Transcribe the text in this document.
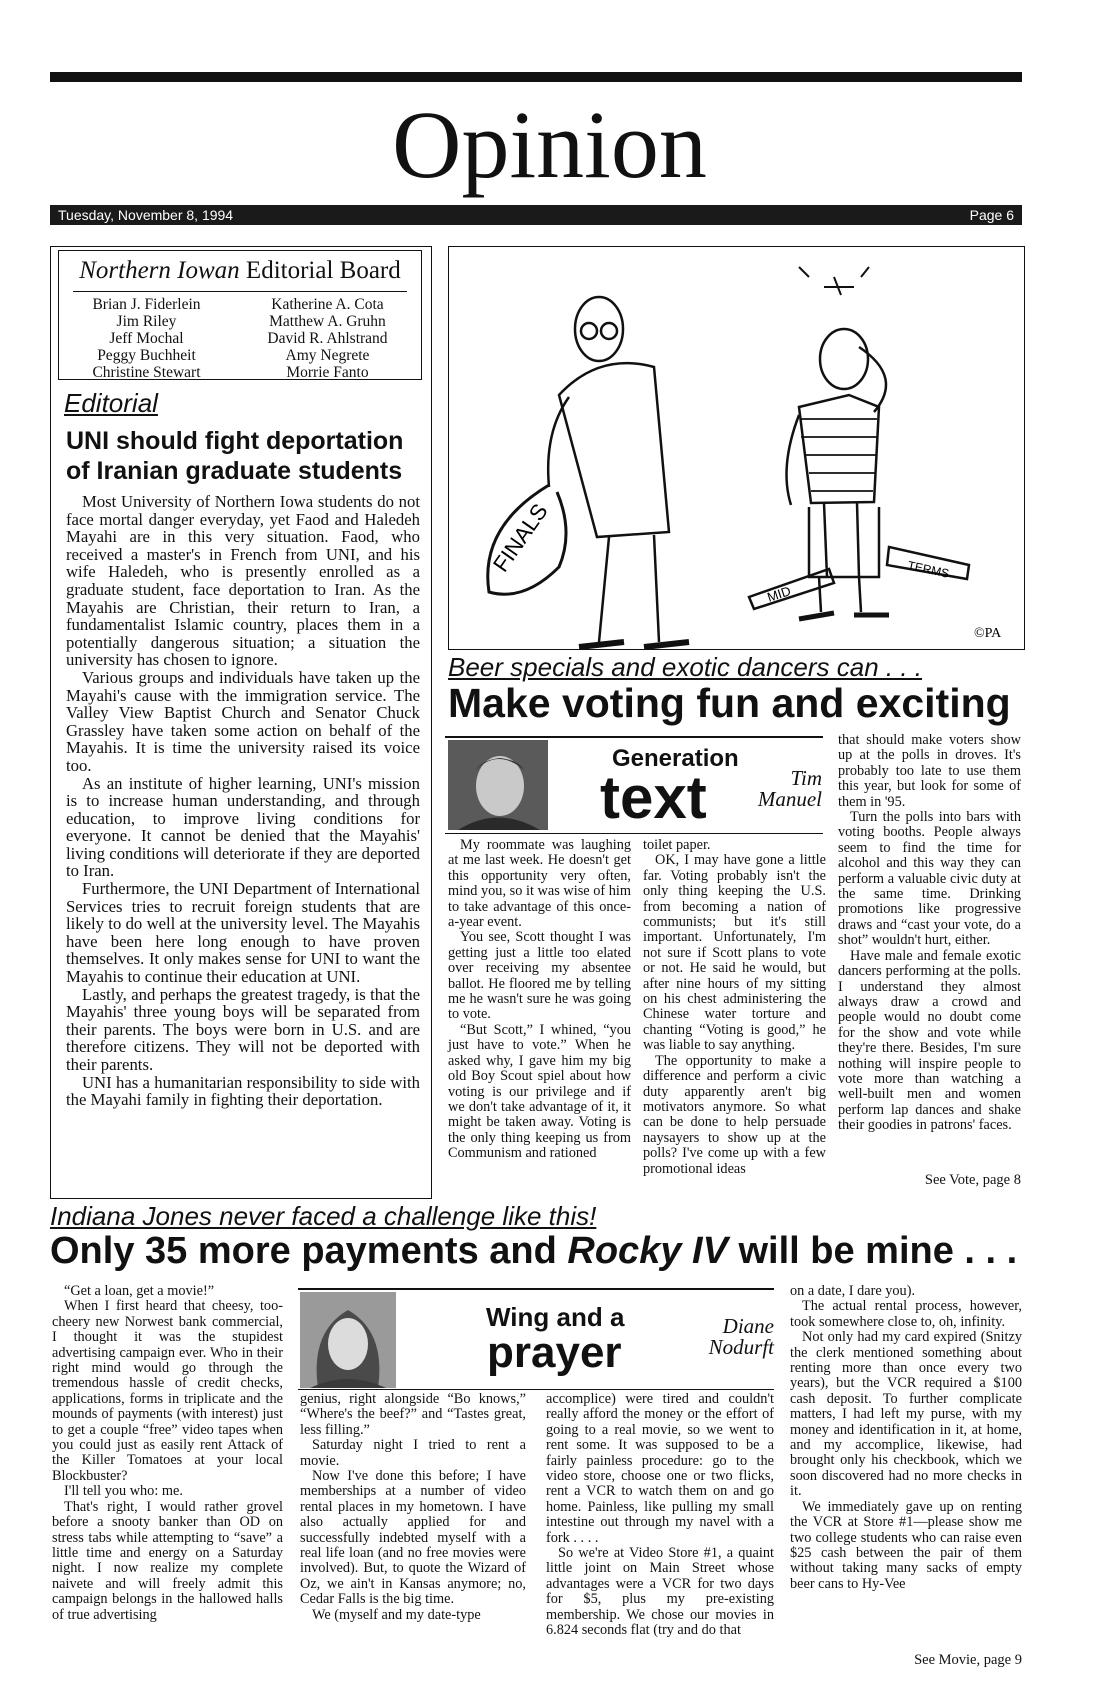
Opinion
Tuesday, November 8, 1994	Page 6
Northern Iowan Editorial Board
Brian J. Fiderlein
Jim Riley
Jeff Mochal
Peggy Buchheit
Christine Stewart
Katherine A. Cota
Matthew A. Gruhn
David R. Ahlstrand
Amy Negrete
Morrie Fanto
Editorial
UNI should fight deportation of Iranian graduate students

Most University of Northern Iowa students do not face mortal danger everyday, yet Faod and Haledeh Mayahi are in this very situation. Faod, who received a master's in French from UNI, and his wife Haledeh, who is presently enrolled as a graduate student, face deportation to Iran. As the Mayahis are Christian, their return to Iran, a fundamentalist Islamic country, places them in a potentially dangerous situation; a situation the university has chosen to ignore.

Various groups and individuals have taken up the Mayahi's cause with the immigration service. The Valley View Baptist Church and Senator Chuck Grassley have taken some action on behalf of the Mayahis. It is time the university raised its voice too.

As an institute of higher learning, UNI's mission is to increase human understanding, and through education, to improve living conditions for everyone. It cannot be denied that the Mayahis' living conditions will deteriorate if they are deported to Iran.

Furthermore, the UNI Department of International Services tries to recruit foreign students that are likely to do well at the university level. The Mayahis have been here long enough to have proven themselves. It only makes sense for UNI to want the Mayahis to continue their education at UNI.

Lastly, and perhaps the greatest tragedy, is that the Mayahis' three young boys will be separated from their parents. The boys were born in U.S. and are therefore citizens. They will not be deported with their parents.

UNI has a humanitarian responsibility to side with the Mayahi family in fighting their deportation.

FINALS
MID
TERMS
©PA
Beer specials and exotic dancers can . . .
Make voting fun and exciting
Generation
text	Tim
Manuel

My roommate was laughing at me last week. He doesn't get this opportunity very often, mind you, so it was wise of him to take advantage of this once-a-year event.

You see, Scott thought I was getting just a little too elated over receiving my absentee ballot. He floored me by telling me he wasn't sure he was going to vote.

“But Scott,” I whined, “you just have to vote.” When he asked why, I gave him my big old Boy Scout spiel about how voting is our privilege and if we don't take advantage of it, it might be taken away. Voting is the only thing keeping us from Communism and rationed

toilet paper.

OK, I may have gone a little far. Voting probably isn't the only thing keeping the U.S. from becoming a nation of communists; but it's still important. Unfortunately, I'm not sure if Scott plans to vote or not. He said he would, but after nine hours of my sitting on his chest administering the Chinese water torture and chanting “Voting is good,” he was liable to say anything.

The opportunity to make a difference and perform a civic duty apparently aren't big motivators anymore. So what can be done to help persuade naysayers to show up at the polls? I've come up with a few promotional ideas

that should make voters show up at the polls in droves. It's probably too late to use them this year, but look for some of them in '95.

Turn the polls into bars with voting booths. People always seem to find the time for alcohol and this way they can perform a valuable civic duty at the same time. Drinking promotions like progressive draws and “cast your vote, do a shot” wouldn't hurt, either.

Have male and female exotic dancers performing at the polls. I understand they almost always draw a crowd and people would no doubt come for the show and vote while they're there. Besides, I'm sure nothing will inspire people to vote more than watching a well-built men and women perform lap dances and shake their goodies in patrons' faces.

See Vote, page 8
Indiana Jones never faced a challenge like this!
Only 35 more payments and Rocky IV will be mine . . .

“Get a loan, get a movie!”

When I first heard that cheesy, too-cheery new Norwest bank commercial, I thought it was the stupidest advertising campaign ever. Who in their right mind would go through the tremendous hassle of credit checks, applications, forms in triplicate and the mounds of payments (with interest) just to get a couple “free” video tapes when you could just as easily rent Attack of the Killer Tomatoes at your local Blockbuster?

I'll tell you who: me.

That's right, I would rather grovel before a snooty banker than OD on stress tabs while attempting to “save” a little time and energy on a Saturday night. I now realize my complete naivete and will freely admit this campaign belongs in the hallowed halls of true advertising

Wing and a
prayer
Diane
Nodurft

genius, right alongside “Bo knows,” “Where's the beef?” and “Tastes great, less filling.”

Saturday night I tried to rent a movie.

Now I've done this before; I have memberships at a number of video rental places in my hometown. I have also actually applied for and successfully indebted myself with a real life loan (and no free movies were involved). But, to quote the Wizard of Oz, we ain't in Kansas anymore; no, Cedar Falls is the big time.

We (myself and my date-type

accomplice) were tired and couldn't really afford the money or the effort of going to a real movie, so we went to rent some. It was supposed to be a fairly painless procedure: go to the video store, choose one or two flicks, rent a VCR to watch them on and go home. Painless, like pulling my small intestine out through my navel with a fork . . . .

So we're at Video Store #1, a quaint little joint on Main Street whose advantages were a VCR for two days for $5, plus my pre-existing membership. We chose our movies in 6.824 seconds flat (try and do that

on a date, I dare you).

The actual rental process, however, took somewhere close to, oh, infinity.

Not only had my card expired (Snitzy the clerk mentioned something about renting more than once every two years), but the VCR required a $100 cash deposit. To further complicate matters, I had left my purse, with my money and identification in it, at home, and my accomplice, likewise, had brought only his checkbook, which we soon discovered had no more checks in it.

We immediately gave up on renting the VCR at Store #1—please show me two college students who can raise even $25 cash between the pair of them without taking many sacks of empty beer cans to Hy-Vee

See Movie, page 9
